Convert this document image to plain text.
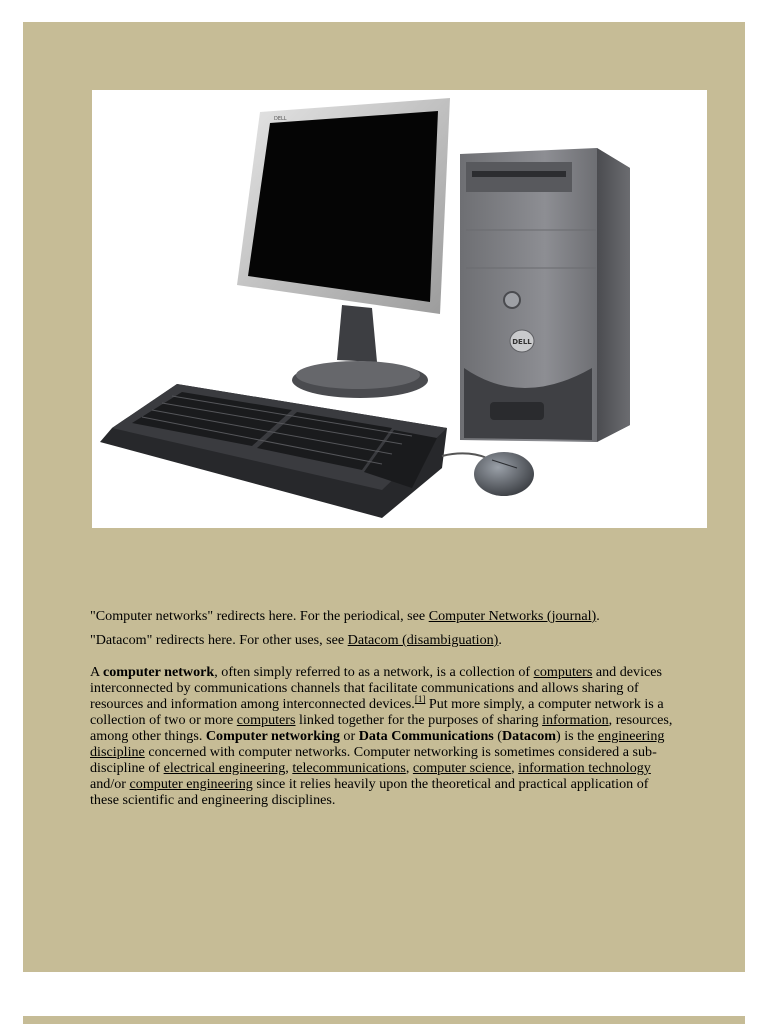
DELL
DELL

"Computer networks" redirects here. For the periodical, see Computer Networks (journal).

"Datacom" redirects here. For other uses, see Datacom (disambiguation).

A computer network, often simply referred to as a network, is a collection of computers and devices interconnected by communications channels that facilitate communications and allows sharing of resources and information among interconnected devices.[1] Put more simply, a computer network is a collection of two or more computers linked together for the purposes of sharing information, resources, among other things. Computer networking or Data Communications (Datacom) is the engineering discipline concerned with computer networks. Computer networking is sometimes considered a sub-discipline of electrical engineering, telecommunications, computer science, information technology and/or computer engineering since it relies heavily upon the theoretical and practical application of these scientific and engineering disciplines.
